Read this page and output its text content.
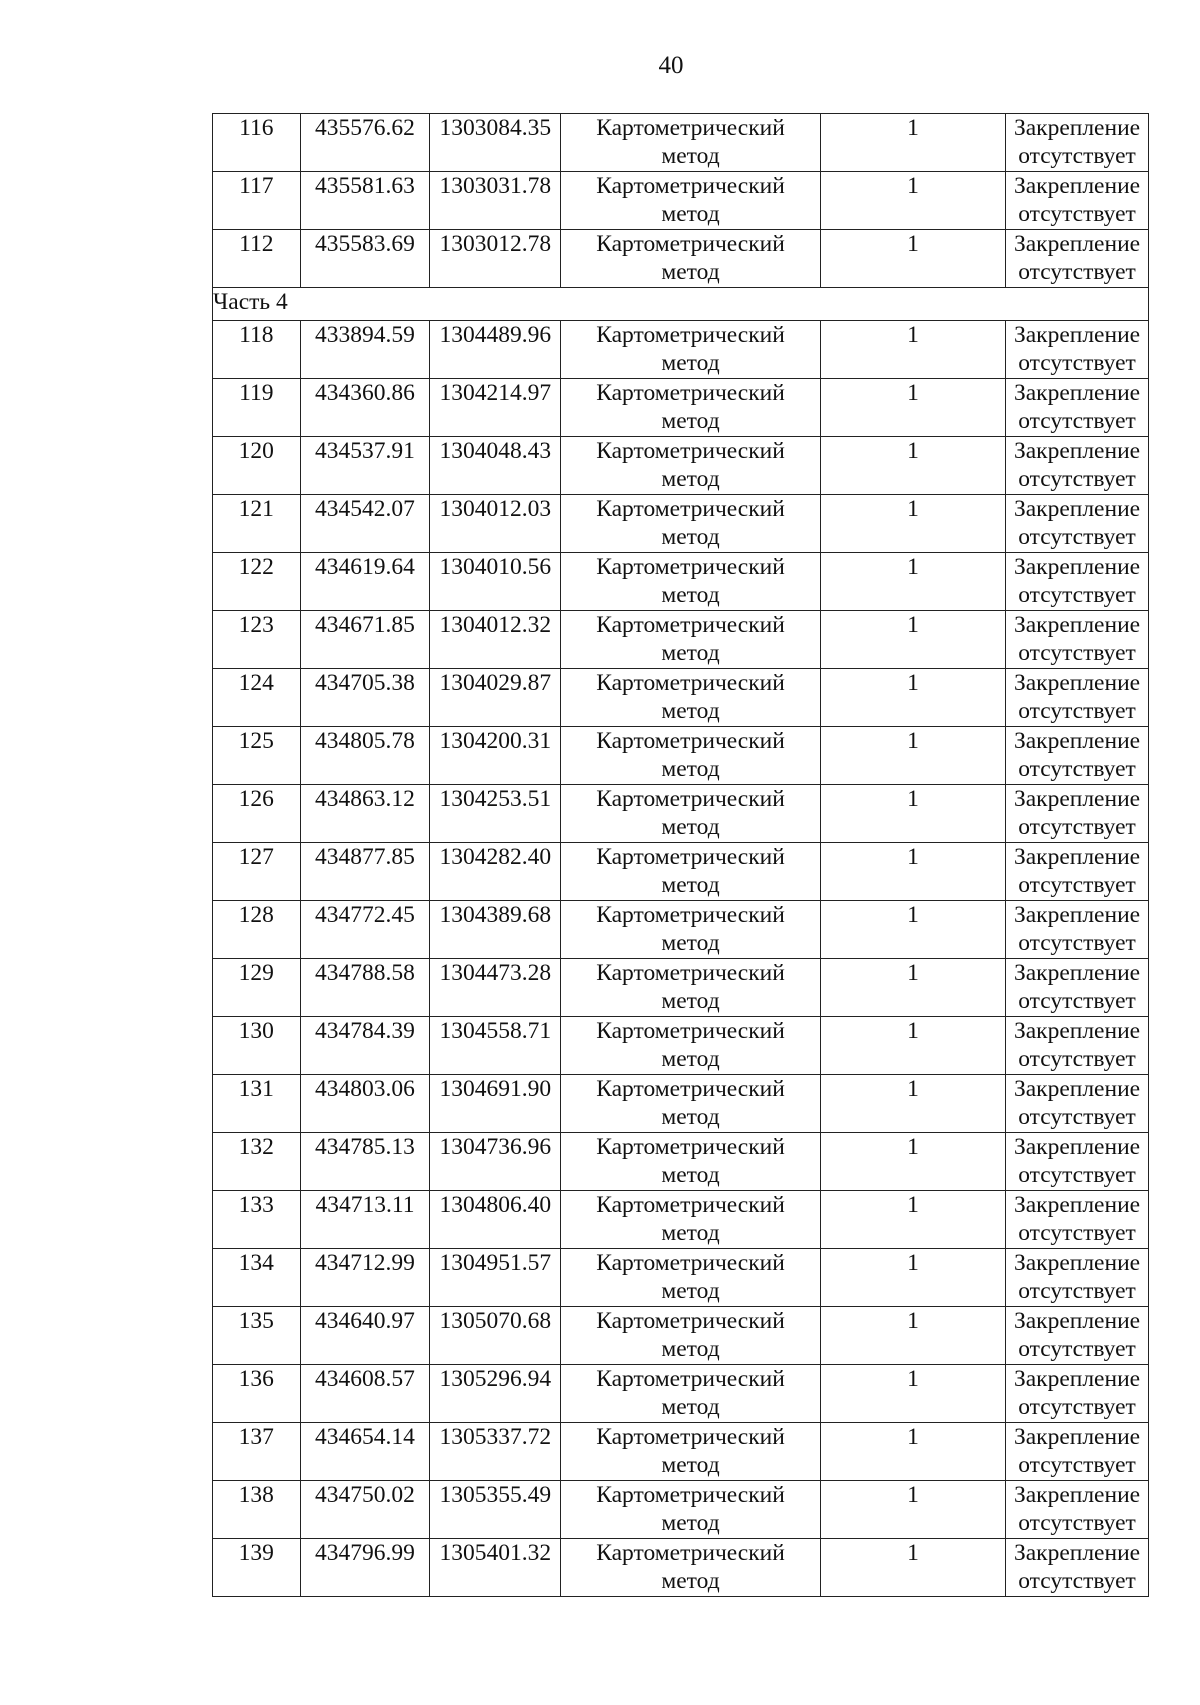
40
116	435576.62	1303084.35	Картометрический
метод	1	Закрепление
отсутствует

117	435581.63	1303031.78	Картометрический
метод	1	Закрепление
отсутствует

112	435583.69	1303012.78	Картометрический
метод	1	Закрепление
отсутствует

Часть 4					

118	433894.59	1304489.96	Картометрический
метод	1	Закрепление
отсутствует

119	434360.86	1304214.97	Картометрический
метод	1	Закрепление
отсутствует

120	434537.91	1304048.43	Картометрический
метод	1	Закрепление
отсутствует

121	434542.07	1304012.03	Картометрический
метод	1	Закрепление
отсутствует

122	434619.64	1304010.56	Картометрический
метод	1	Закрепление
отсутствует

123	434671.85	1304012.32	Картометрический
метод	1	Закрепление
отсутствует

124	434705.38	1304029.87	Картометрический
метод	1	Закрепление
отсутствует

125	434805.78	1304200.31	Картометрический
метод	1	Закрепление
отсутствует

126	434863.12	1304253.51	Картометрический
метод	1	Закрепление
отсутствует

127	434877.85	1304282.40	Картометрический
метод	1	Закрепление
отсутствует

128	434772.45	1304389.68	Картометрический
метод	1	Закрепление
отсутствует

129	434788.58	1304473.28	Картометрический
метод	1	Закрепление
отсутствует

130	434784.39	1304558.71	Картометрический
метод	1	Закрепление
отсутствует

131	434803.06	1304691.90	Картометрический
метод	1	Закрепление
отсутствует

132	434785.13	1304736.96	Картометрический
метод	1	Закрепление
отсутствует

133	434713.11	1304806.40	Картометрический
метод	1	Закрепление
отсутствует

134	434712.99	1304951.57	Картометрический
метод	1	Закрепление
отсутствует

135	434640.97	1305070.68	Картометрический
метод	1	Закрепление
отсутствует

136	434608.57	1305296.94	Картометрический
метод	1	Закрепление
отсутствует

137	434654.14	1305337.72	Картометрический
метод	1	Закрепление
отсутствует

138	434750.02	1305355.49	Картометрический
метод	1	Закрепление
отсутствует

139	434796.99	1305401.32	Картометрический
метод	1	Закрепление
отсутствует
